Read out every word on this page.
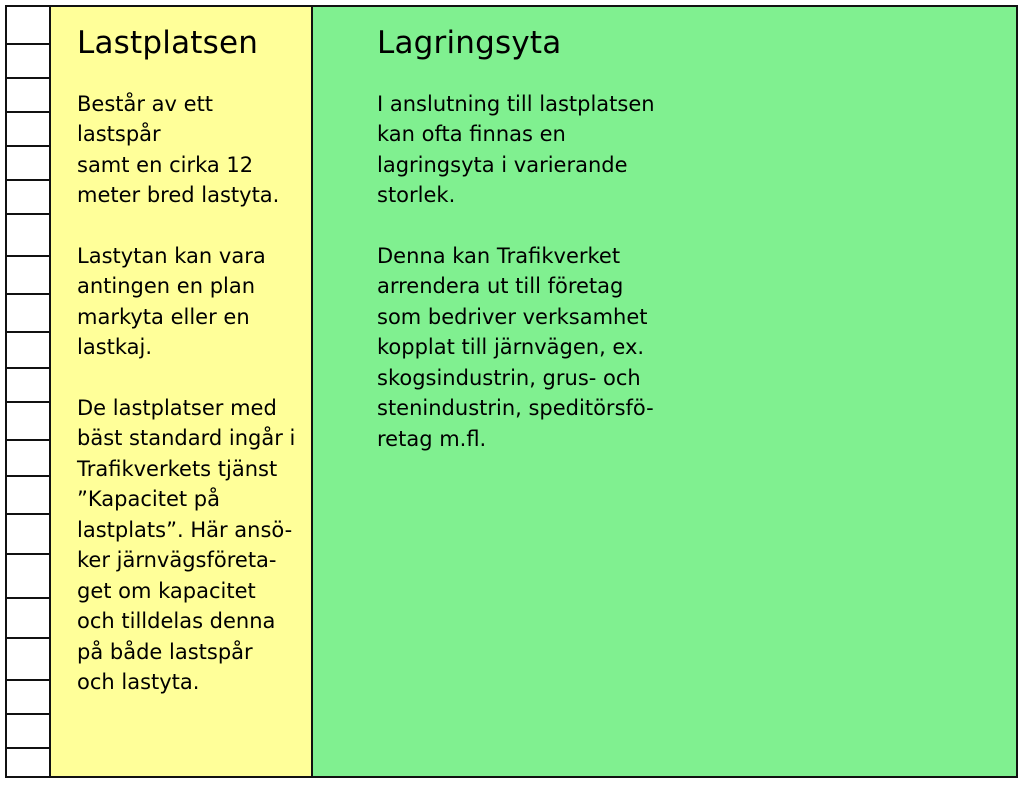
Lastplatsen

Består av ett lastspår
samt en cirka 12
meter bred lastyta.

Lastytan kan vara
antingen en plan
markyta eller en
lastkaj.

De lastplatser med
bäst standard ingår i
Trafikverkets tjänst
”Kapacitet på
lastplats”. Här ansö-
ker järnvägsföreta-
get om kapacitet
och tilldelas denna
på både lastspår
och lastyta.

Lagringsyta

I anslutning till lastplatsen
kan ofta finnas en
lagringsyta i varierande
storlek.

Denna kan Trafikverket
arrendera ut till företag
som bedriver verksamhet
kopplat till järnvägen, ex.
skogsindustrin, grus- och
stenindustrin, speditörsfö-
retag m.fl.
